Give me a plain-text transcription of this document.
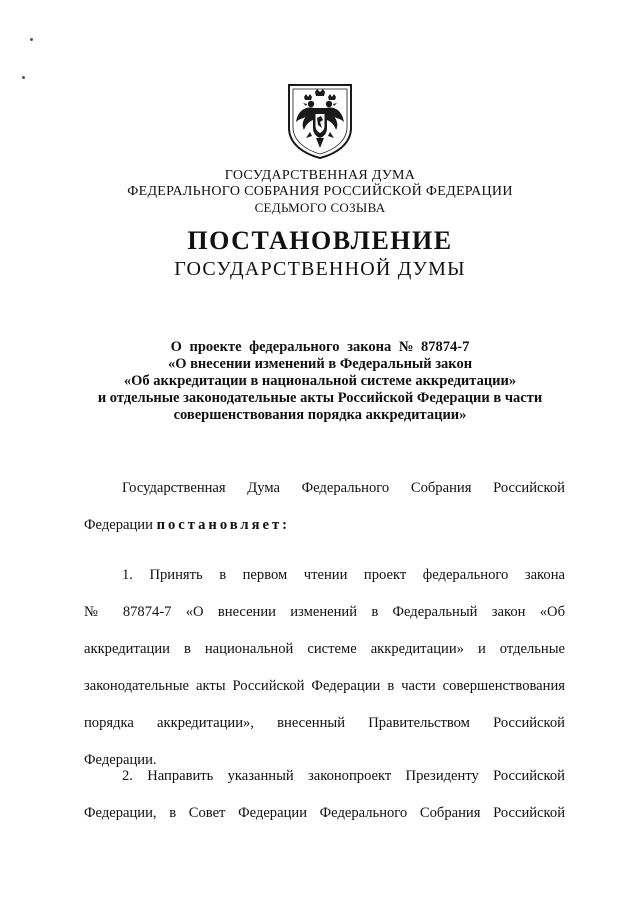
ГОСУДАРСТВЕННАЯ ДУМА
ФЕДЕРАЛЬНОГО СОБРАНИЯ РОССИЙСКОЙ ФЕДЕРАЦИИ
СЕДЬМОГО СОЗЫВА
ПОСТАНОВЛЕНИЕ
ГОСУДАРСТВЕННОЙ ДУМЫ
О проекте федерального закона № 87874-7
«О внесении изменений в Федеральный закон
«Об аккредитации в национальной системе аккредитации»
и отдельные законодательные акты Российской Федерации в части
совершенствования порядка аккредитации»
Государственная Дума Федерального Собрания Российской
Федерации постановляет:
1. Принять в первом чтении проект федерального закона
№ 87874-7 «О внесении изменений в Федеральный закон «Об
аккредитации в национальной системе аккредитации» и отдельные
законодательные акты Российской Федерации в части совершенствования
порядка аккредитации», внесенный Правительством Российской
Федерации.
2. Направить указанный законопроект Президенту Российской
Федерации, в Совет Федерации Федерального Собрания Российской
